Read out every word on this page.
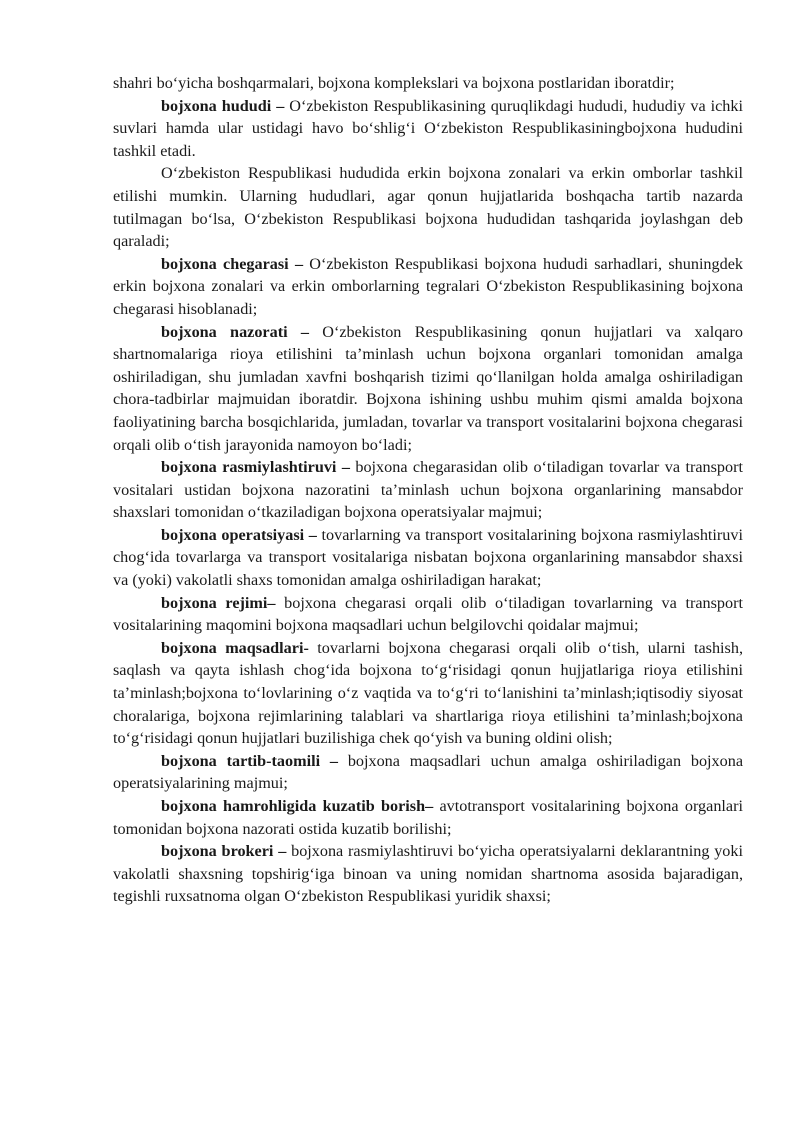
shahri bo‘yicha boshqarmalari, bojxona komplekslari va bojxona postlaridan iboratdir;

bojxona hududi – O‘zbekiston Respublikasining quruqlikdagi hududi, hududiy va ichki suvlari hamda ular ustidagi havo bo‘shlig‘i O‘zbekiston Respublikasiningbojxona hududini tashkil etadi.

O‘zbekiston Respublikasi hududida erkin bojxona zonalari va erkin omborlar tashkil etilishi mumkin. Ularning hududlari, agar qonun hujjatlarida boshqacha tartib nazarda tutilmagan bo‘lsa, O‘zbekiston Respublikasi bojxona hududidan tashqarida joylashgan deb qaraladi;

bojxona chegarasi – O‘zbekiston Respublikasi bojxona hududi sarhadlari, shuningdek erkin bojxona zonalari va erkin omborlarning tegralari O‘zbekiston Respublikasining bojxona chegarasi hisoblanadi;

bojxona nazorati – O‘zbekiston Respublikasining qonun hujjatlari va xalqaro shartnomalariga rioya etilishini ta’minlash uchun bojxona organlari tomonidan amalga oshiriladigan, shu jumladan xavfni boshqarish tizimi qo‘llanilgan holda amalga oshiriladigan chora-tadbirlar majmuidan iboratdir. Bojxona ishining ushbu muhim qismi amalda bojxona faoliyatining barcha bosqichlarida, jumladan, tovarlar va transport vositalarini bojxona chegarasi orqali olib o‘tish jarayonida namoyon bo‘ladi;

bojxona rasmiylashtiruvi – bojxona chegarasidan olib o‘tiladigan tovarlar va transport vositalari ustidan bojxona nazoratini ta’minlash uchun bojxona organlarining mansabdor shaxslari tomonidan o‘tkaziladigan bojxona operatsiyalar majmui;

bojxona operatsiyasi – tovarlarning va transport vositalarining bojxona rasmiylashtiruvi chog‘ida tovarlarga va transport vositalariga nisbatan bojxona organlarining mansabdor shaxsi va (yoki) vakolatli shaxs tomonidan amalga oshiriladigan harakat;

bojxona rejimi– bojxona chegarasi orqali olib o‘tiladigan tovarlarning va transport vositalarining maqomini bojxona maqsadlari uchun belgilovchi qoidalar majmui;

bojxona maqsadlari- tovarlarni bojxona chegarasi orqali olib o‘tish, ularni tashish, saqlash va qayta ishlash chog‘ida bojxona to‘g‘risidagi qonun hujjatlariga rioya etilishini ta’minlash;bojxona to‘lovlarining o‘z vaqtida va to‘g‘ri to‘lanishini ta’minlash;iqtisodiy siyosat choralariga, bojxona rejimlarining talablari va shartlariga rioya etilishini ta’minlash;bojxona to‘g‘risidagi qonun hujjatlari buzilishiga chek qo‘yish va buning oldini olish;

bojxona tartib-taomili – bojxona maqsadlari uchun amalga oshiriladigan bojxona operatsiyalarining majmui;

bojxona hamrohligida kuzatib borish– avtotransport vositalarining bojxona organlari tomonidan bojxona nazorati ostida kuzatib borilishi;

bojxona brokeri – bojxona rasmiylashtiruvi bo‘yicha operatsiyalarni deklarantning yoki vakolatli shaxsning topshirig‘iga binoan va uning nomidan shartnoma asosida bajaradigan, tegishli ruxsatnoma olgan O‘zbekiston Respublikasi yuridik shaxsi;
